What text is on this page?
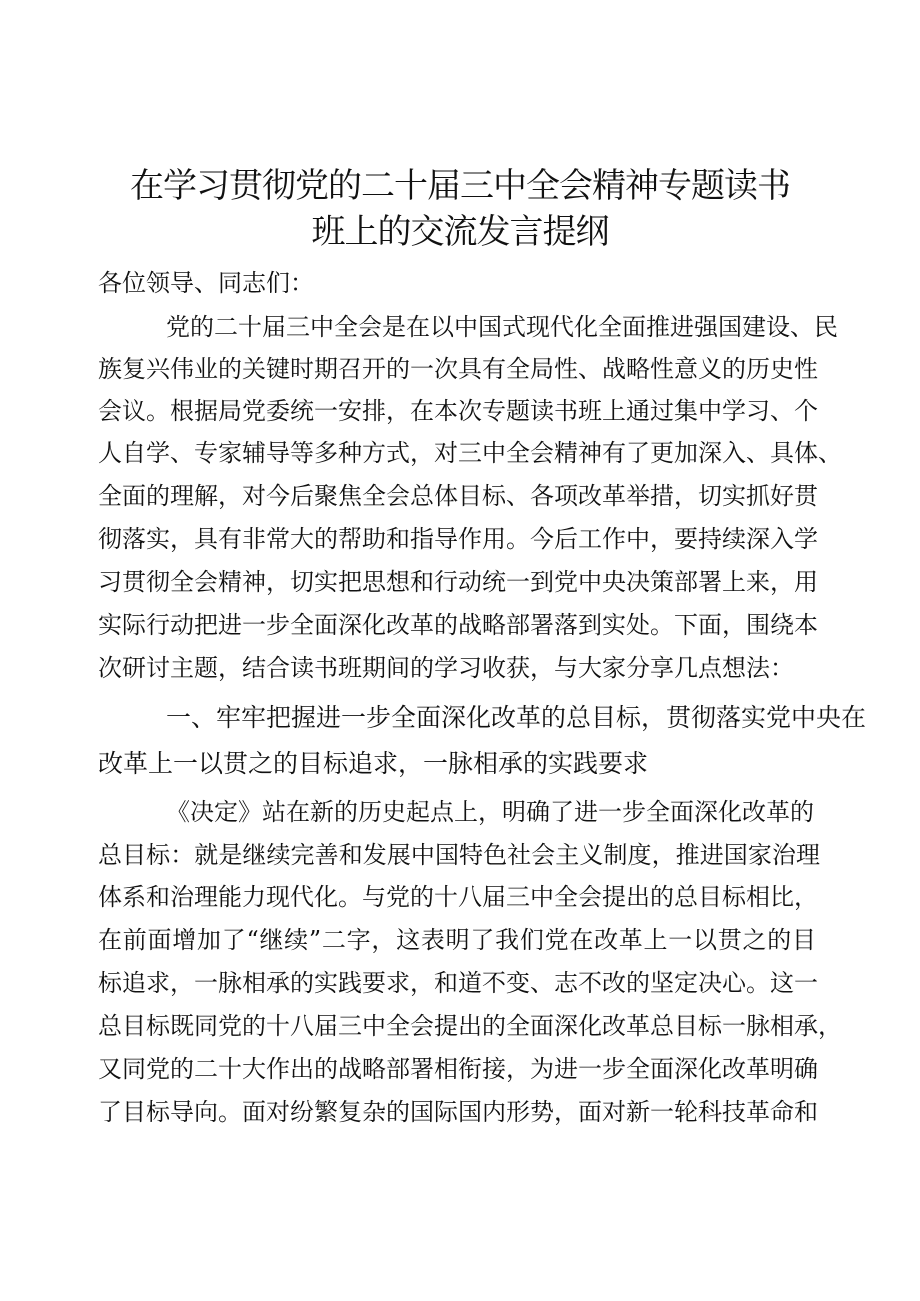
在学习贯彻党的二十届三中全会精神专题读书
班上的交流发言提纲

各位领导、同志们：

党的二十届三中全会是在以中国式现代化全面推进强国建设、民

族复兴伟业的关键时期召开的一次具有全局性、战略性意义的历史性

会议。根据局党委统一安排，在本次专题读书班上通过集中学习、个

人自学、专家辅导等多种方式，对三中全会精神有了更加深入、具体、

全面的理解，对今后聚焦全会总体目标、各项改革举措，切实抓好贯

彻落实，具有非常大的帮助和指导作用。今后工作中，要持续深入学

习贯彻全会精神，切实把思想和行动统一到党中央决策部署上来，用

实际行动把进一步全面深化改革的战略部署落到实处。下面，围绕本

次研讨主题，结合读书班期间的学习收获，与大家分享几点想法：

一、牢牢把握进一步全面深化改革的总目标，贯彻落实党中央在

改革上一以贯之的目标追求，一脉相承的实践要求

《决定》站在新的历史起点上，明确了进一步全面深化改革的

总目标：就是继续完善和发展中国特色社会主义制度，推进国家治理

体系和治理能力现代化。与党的十八届三中全会提出的总目标相比，

在前面增加了“继续”二字，这表明了我们党在改革上一以贯之的目

标追求，一脉相承的实践要求，和道不变、志不改的坚定决心。这一

总目标既同党的十八届三中全会提出的全面深化改革总目标一脉相承，

又同党的二十大作出的战略部署相衔接，为进一步全面深化改革明确

了目标导向。面对纷繁复杂的国际国内形势，面对新一轮科技革命和
